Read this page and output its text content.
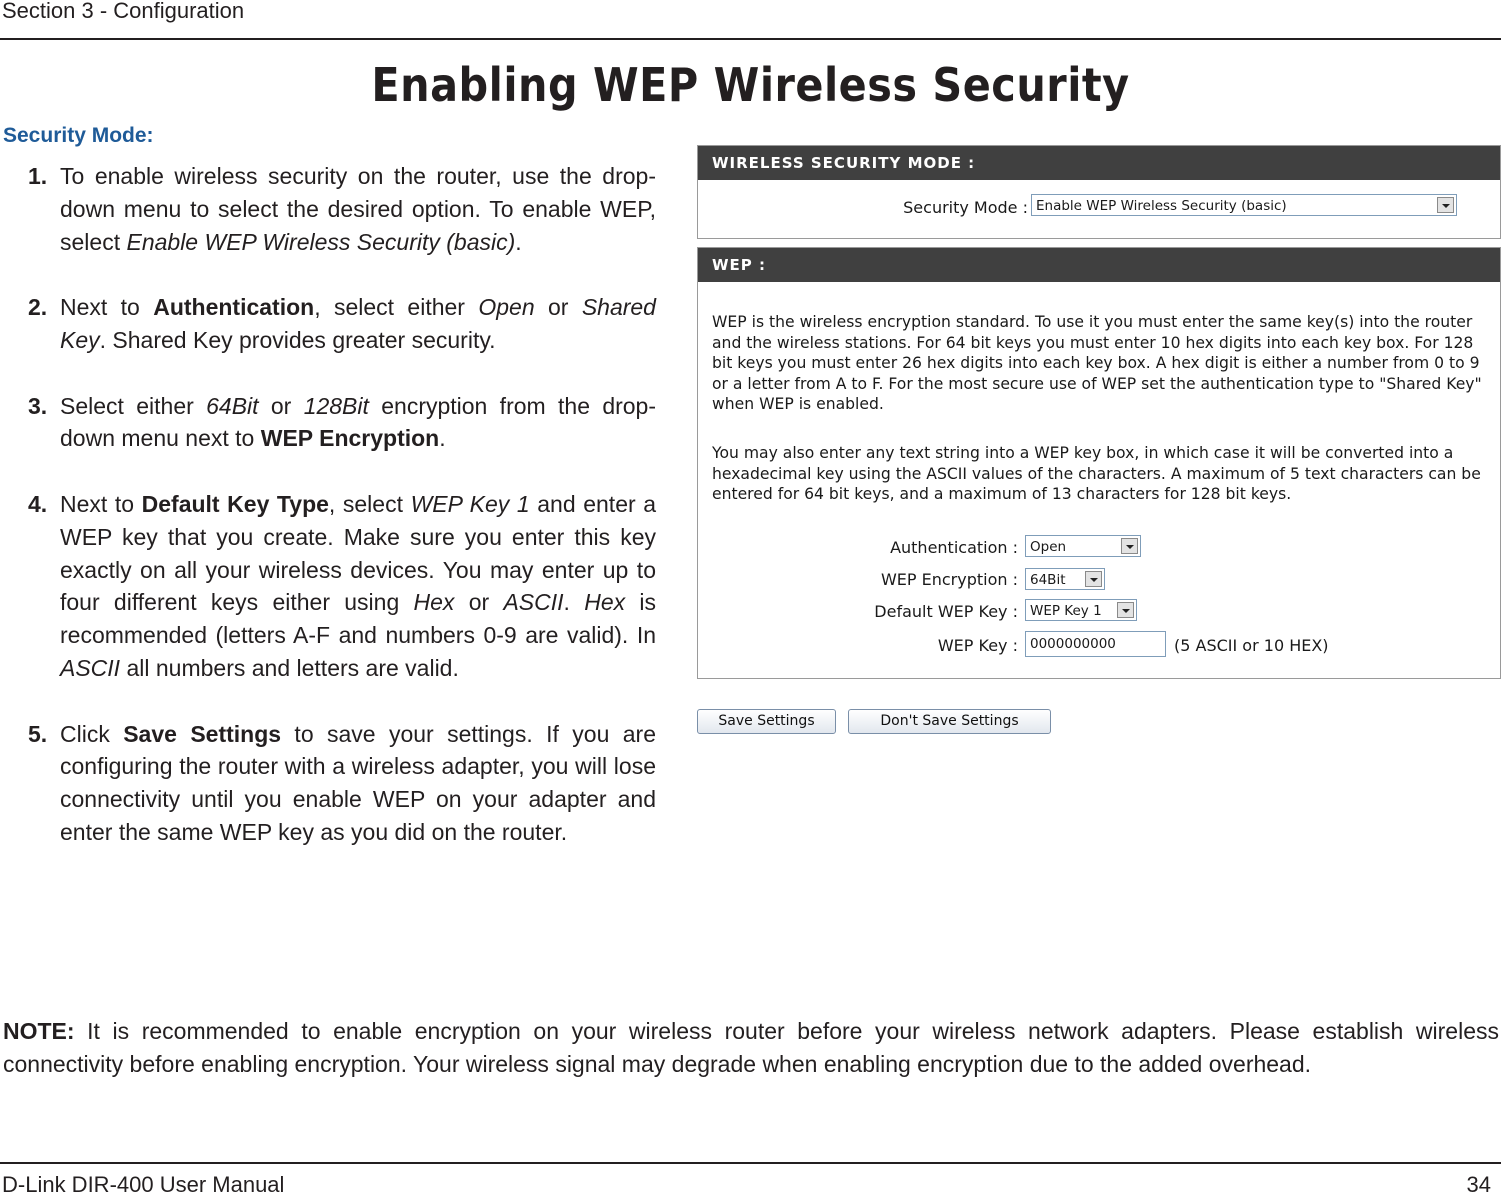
Section 3 - Configuration
Enabling WEP Wireless Security
Security Mode:
1. To enable wireless security on the router, use the drop-down menu to select the desired option. To enable WEP, select Enable WEP Wireless Security (basic).
2. Next to Authentication, select either Open or Shared Key. Shared Key provides greater security.
3. Select either 64Bit or 128Bit encryption from the drop-down menu next to WEP Encryption.
4. Next to Default Key Type, select WEP Key 1 and enter a WEP key that you create. Make sure you enter this key exactly on all your wireless devices. You may enter up to four different keys either using Hex or ASCII. Hex is recommended (letters A-F and numbers 0-9 are valid). In ASCII all numbers and letters are valid.
5. Click Save Settings to save your settings. If you are configuring the router with a wireless adapter, you will lose connectivity until you enable WEP on your adapter and enter the same WEP key as you did on the router.
WIRELESS SECURITY MODE :
Security Mode : Enable WEP Wireless Security (basic)
WEP :
WEP is the wireless encryption standard. To use it you must enter the same key(s) into the router and the wireless stations. For 64 bit keys you must enter 10 hex digits into each key box. For 128 bit keys you must enter 26 hex digits into each key box. A hex digit is either a number from 0 to 9 or a letter from A to F. For the most secure use of WEP set the authentication type to "Shared Key" when WEP is enabled.
You may also enter any text string into a WEP key box, in which case it will be converted into a hexadecimal key using the ASCII values of the characters. A maximum of 5 text characters can be entered for 64 bit keys, and a maximum of 13 characters for 128 bit keys.
Authentication : Open
WEP Encryption : 64Bit
Default WEP Key : WEP Key 1
WEP Key : 0000000000	(5 ASCII or 10 HEX)
Save Settings	Don't Save Settings
NOTE: It is recommended to enable encryption on your wireless router before your wireless network adapters. Please establish wireless connectivity before enabling encryption. Your wireless signal may degrade when enabling encryption due to the added overhead.
D-Link DIR-400 User Manual	34
